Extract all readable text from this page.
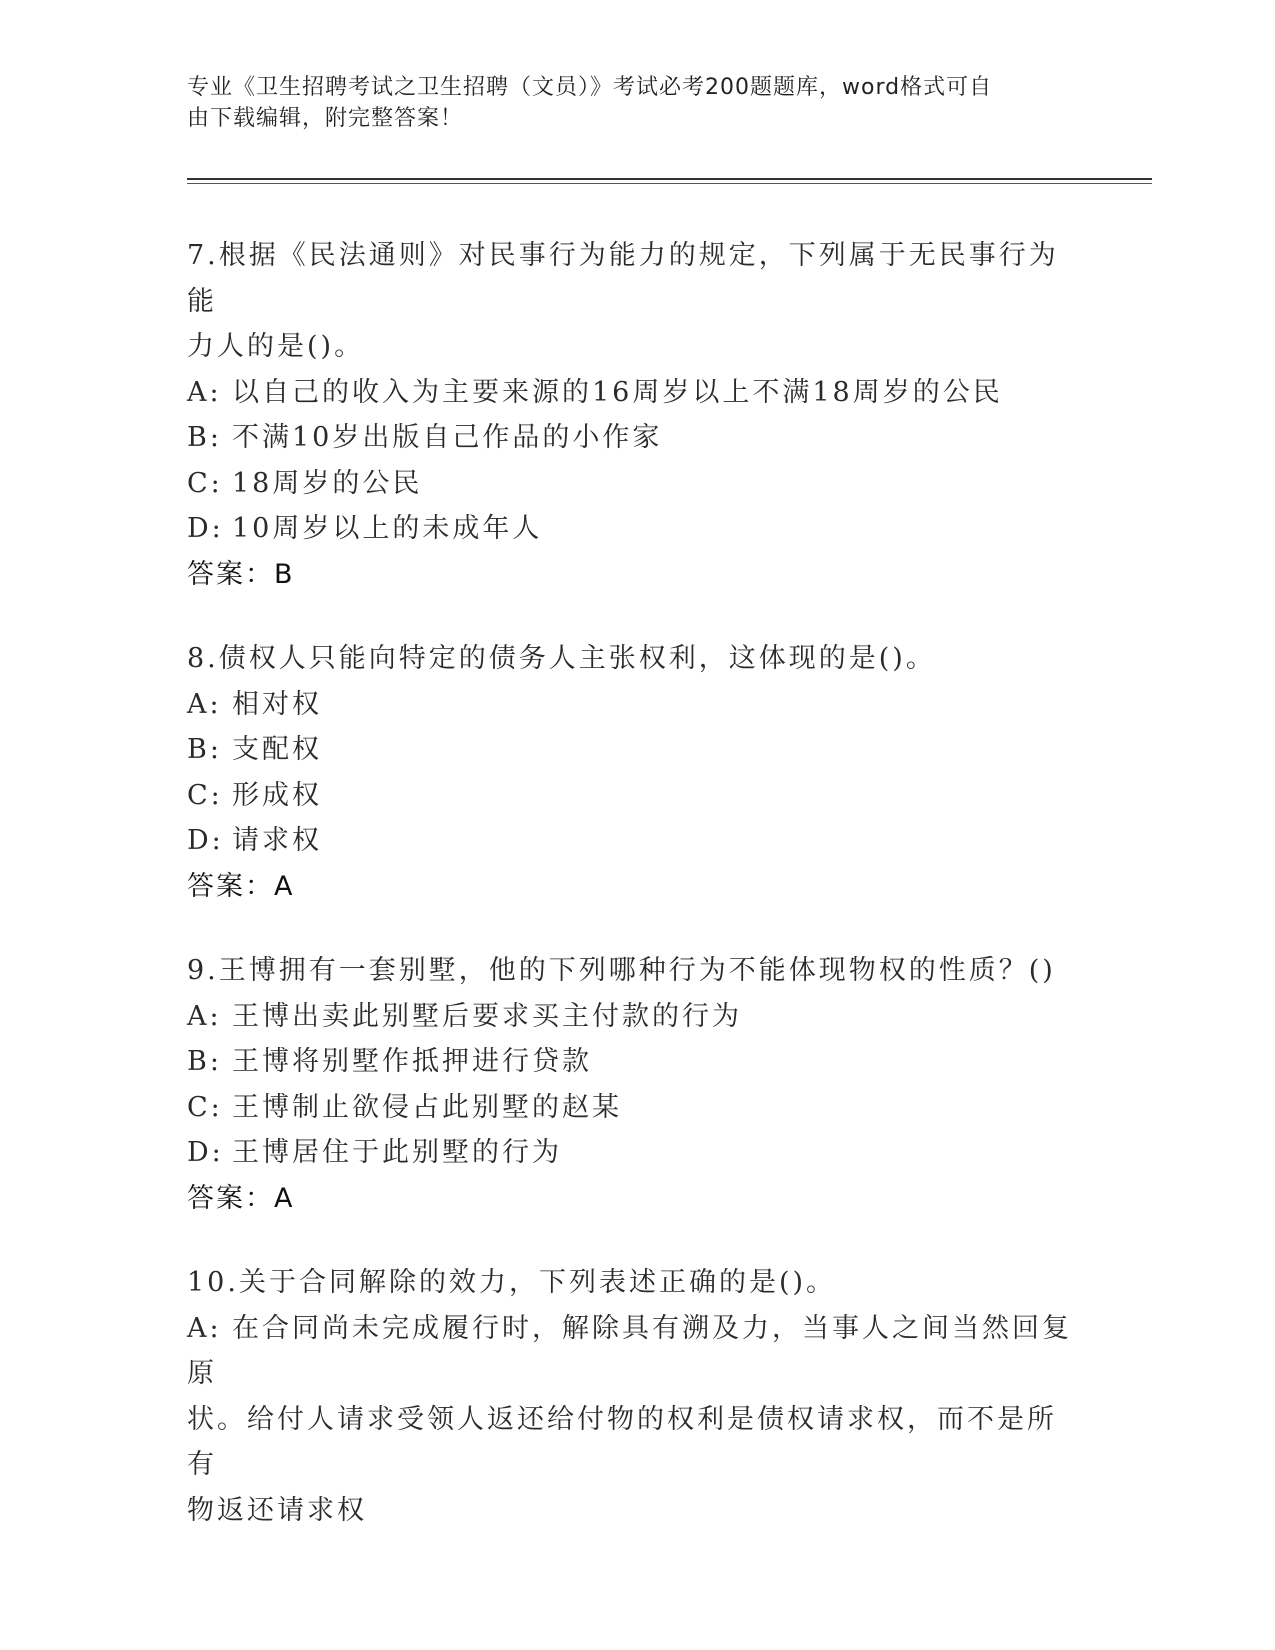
专业《卫生招聘考试之卫生招聘（文员）》考试必考200题题库，word格式可自
由下载编辑，附完整答案！
7.根据《民法通则》对民事行为能力的规定，下列属于无民事行为能
力人的是()。
A: 以自己的收入为主要来源的16周岁以上不满18周岁的公民
B: 不满10岁出版自己作品的小作家
C: 18周岁的公民
D: 10周岁以上的未成年人
答案：B
8.债权人只能向特定的债务人主张权利，这体现的是()。
A: 相对权
B: 支配权
C: 形成权
D: 请求权
答案：A
9.王博拥有一套别墅，他的下列哪种行为不能体现物权的性质？()
A: 王博出卖此别墅后要求买主付款的行为
B: 王博将别墅作抵押进行贷款
C: 王博制止欲侵占此别墅的赵某
D: 王博居住于此别墅的行为
答案：A
10.关于合同解除的效力，下列表述正确的是()。
A: 在合同尚未完成履行时，解除具有溯及力，当事人之间当然回复原
状。给付人请求受领人返还给付物的权利是债权请求权，而不是所有
物返还请求权
